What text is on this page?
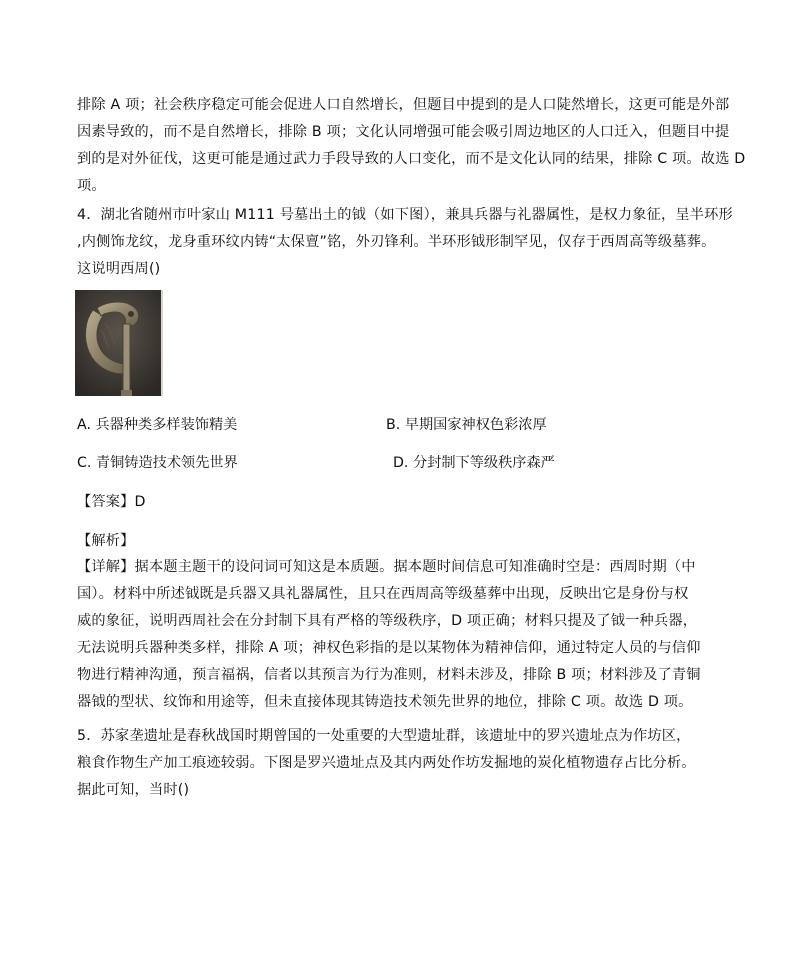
排除 A 项；社会秩序稳定可能会促进人口自然增长，但题目中提到的是人口陡然增长，这更可能是外部
因素导致的，而不是自然增长，排除 B 项；文化认同增强可能会吸引周边地区的人口迁入，但题目中提
到的是对外征伐，这更可能是通过武力手段导致的人口变化，而不是文化认同的结果，排除 C 项。故选 D
项。
4．湖北省随州市叶家山 M111 号墓出土的钺（如下图），兼具兵器与礼器属性，是权力象征，呈半环形
,内侧饰龙纹，龙身重环纹内铸“太保亶”铭，外刃锋利。半环形钺形制罕见，仅存于西周高等级墓葬。
这说明西周()
A. 兵器种类多样装饰精美	B. 早期国家神权色彩浓厚
C. 青铜铸造技术领先世界	D. 分封制下等级秩序森严
【答案】D
【解析】
【详解】据本题主题干的设问词可知这是本质题。据本题时间信息可知准确时空是：西周时期（中
国）。材料中所述钺既是兵器又具礼器属性，且只在西周高等级墓葬中出现，反映出它是身份与权
威的象征，说明西周社会在分封制下具有严格的等级秩序，D 项正确；材料只提及了钺一种兵器，
无法说明兵器种类多样，排除 A 项；神权色彩指的是以某物体为精神信仰，通过特定人员的与信仰
物进行精神沟通，预言福祸，信者以其预言为行为准则，材料未涉及，排除 B 项；材料涉及了青铜
器钺的型状、纹饰和用途等，但未直接体现其铸造技术领先世界的地位，排除 C 项。故选 D 项。
5．苏家垄遗址是春秋战国时期曾国的一处重要的大型遗址群，该遗址中的罗兴遗址点为作坊区，
粮食作物生产加工痕迹较弱。下图是罗兴遗址点及其内两处作坊发掘地的炭化植物遗存占比分析。
据此可知，当时()
